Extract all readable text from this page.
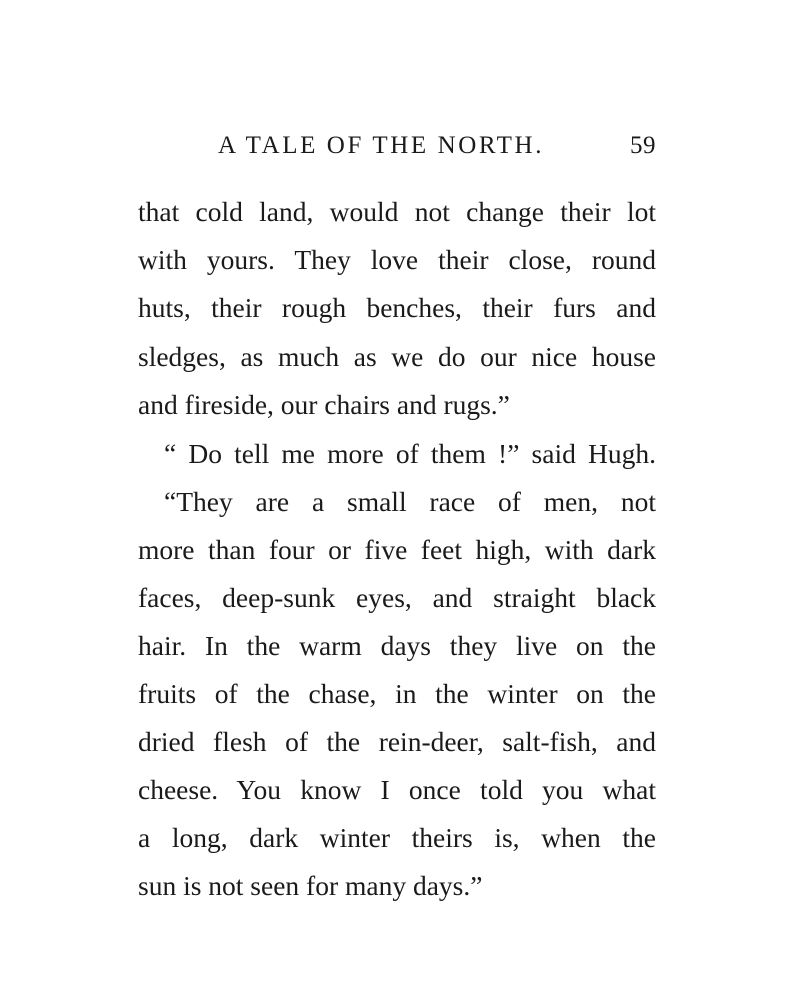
A TALE OF THE NORTH.	59
that cold land, would not change their lot
with yours. They love their close, round
huts, their rough benches, their furs and
sledges, as much as we do our nice house
and fireside, our chairs and rugs.”
“ Do tell me more of them !” said Hugh.
“They are a small race of men, not
more than four or five feet high, with dark
faces, deep-sunk eyes, and straight black
hair. In the warm days they live on the
fruits of the chase, in the winter on the
dried flesh of the rein-deer, salt-fish, and
cheese. You know I once told you what
a long, dark winter theirs is, when the
sun is not seen for many days.”
